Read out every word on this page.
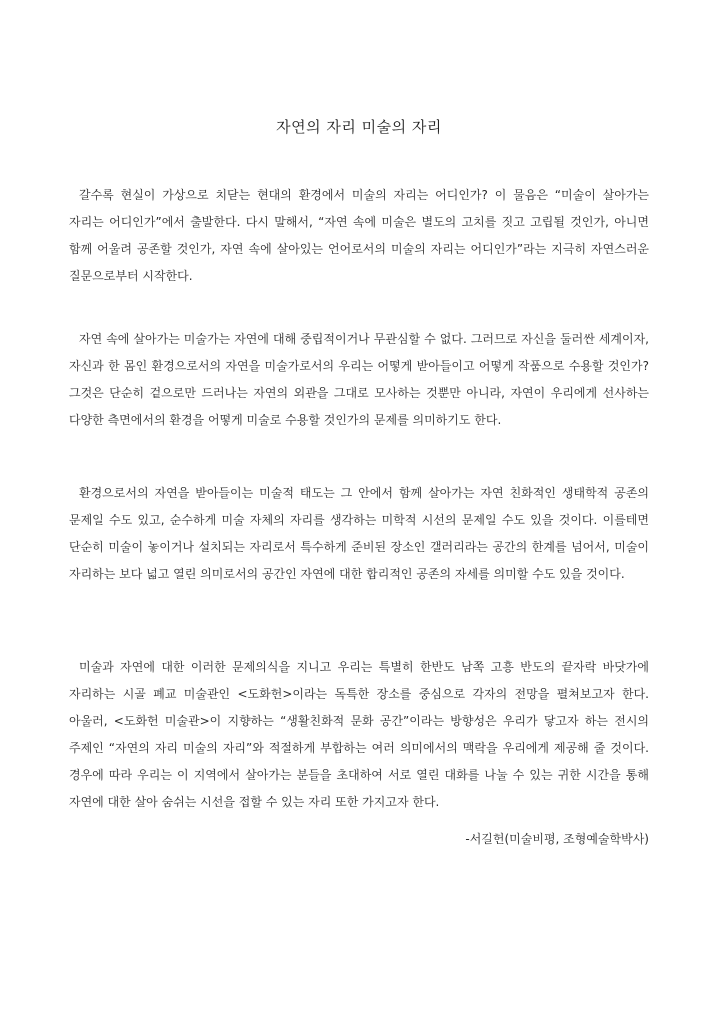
자연의 자리 미술의 자리

갈수록 현실이 가상으로 치닫는 현대의 환경에서 미술의 자리는 어디인가? 이 물음은 “미술이 살아가는 자리는 어디인가”에서 출발한다. 다시 말해서, “자연 속에 미술은 별도의 고치를 짓고 고립될 것인가, 아니면 함께 어울려 공존할 것인가, 자연 속에 살아있는 언어로서의 미술의 자리는 어디인가”라는 지극히 자연스러운 질문으로부터 시작한다.

자연 속에 살아가는 미술가는 자연에 대해 중립적이거나 무관심할 수 없다. 그러므로 자신을 둘러싼 세계이자, 자신과 한 몸인 환경으로서의 자연을 미술가로서의 우리는 어떻게 받아들이고 어떻게 작품으로 수용할 것인가? 그것은 단순히 겉으로만 드러나는 자연의 외관을 그대로 모사하는 것뿐만 아니라, 자연이 우리에게 선사하는 다양한 측면에서의 환경을 어떻게 미술로 수용할 것인가의 문제를 의미하기도 한다.

환경으로서의 자연을 받아들이는 미술적 태도는 그 안에서 함께 살아가는 자연 친화적인 생태학적 공존의 문제일 수도 있고, 순수하게 미술 자체의 자리를 생각하는 미학적 시선의 문제일 수도 있을 것이다. 이를테면 단순히 미술이 놓이거나 설치되는 자리로서 특수하게 준비된 장소인 갤러리라는 공간의 한계를 넘어서, 미술이 자리하는 보다 넓고 열린 의미로서의 공간인 자연에 대한 합리적인 공존의 자세를 의미할 수도 있을 것이다.

미술과 자연에 대한 이러한 문제의식을 지니고 우리는 특별히 한반도 남쪽 고흥 반도의 끝자락 바닷가에 자리하는 시골 폐교 미술관인 <도화헌>이라는 독특한 장소를 중심으로 각자의 전망을 펼쳐보고자 한다. 아울러, <도화헌 미술관>이 지향하는 “생활친화적 문화 공간”이라는 방향성은 우리가 닿고자 하는 전시의 주제인 “자연의 자리 미술의 자리”와 적절하게 부합하는 여러 의미에서의 맥락을 우리에게 제공해 줄 것이다. 경우에 따라 우리는 이 지역에서 살아가는 분들을 초대하여 서로 열린 대화를 나눌 수 있는 귀한 시간을 통해 자연에 대한 살아 숨쉬는 시선을 접할 수 있는 자리 또한 가지고자 한다.

-서길헌(미술비평, 조형예술학박사)
